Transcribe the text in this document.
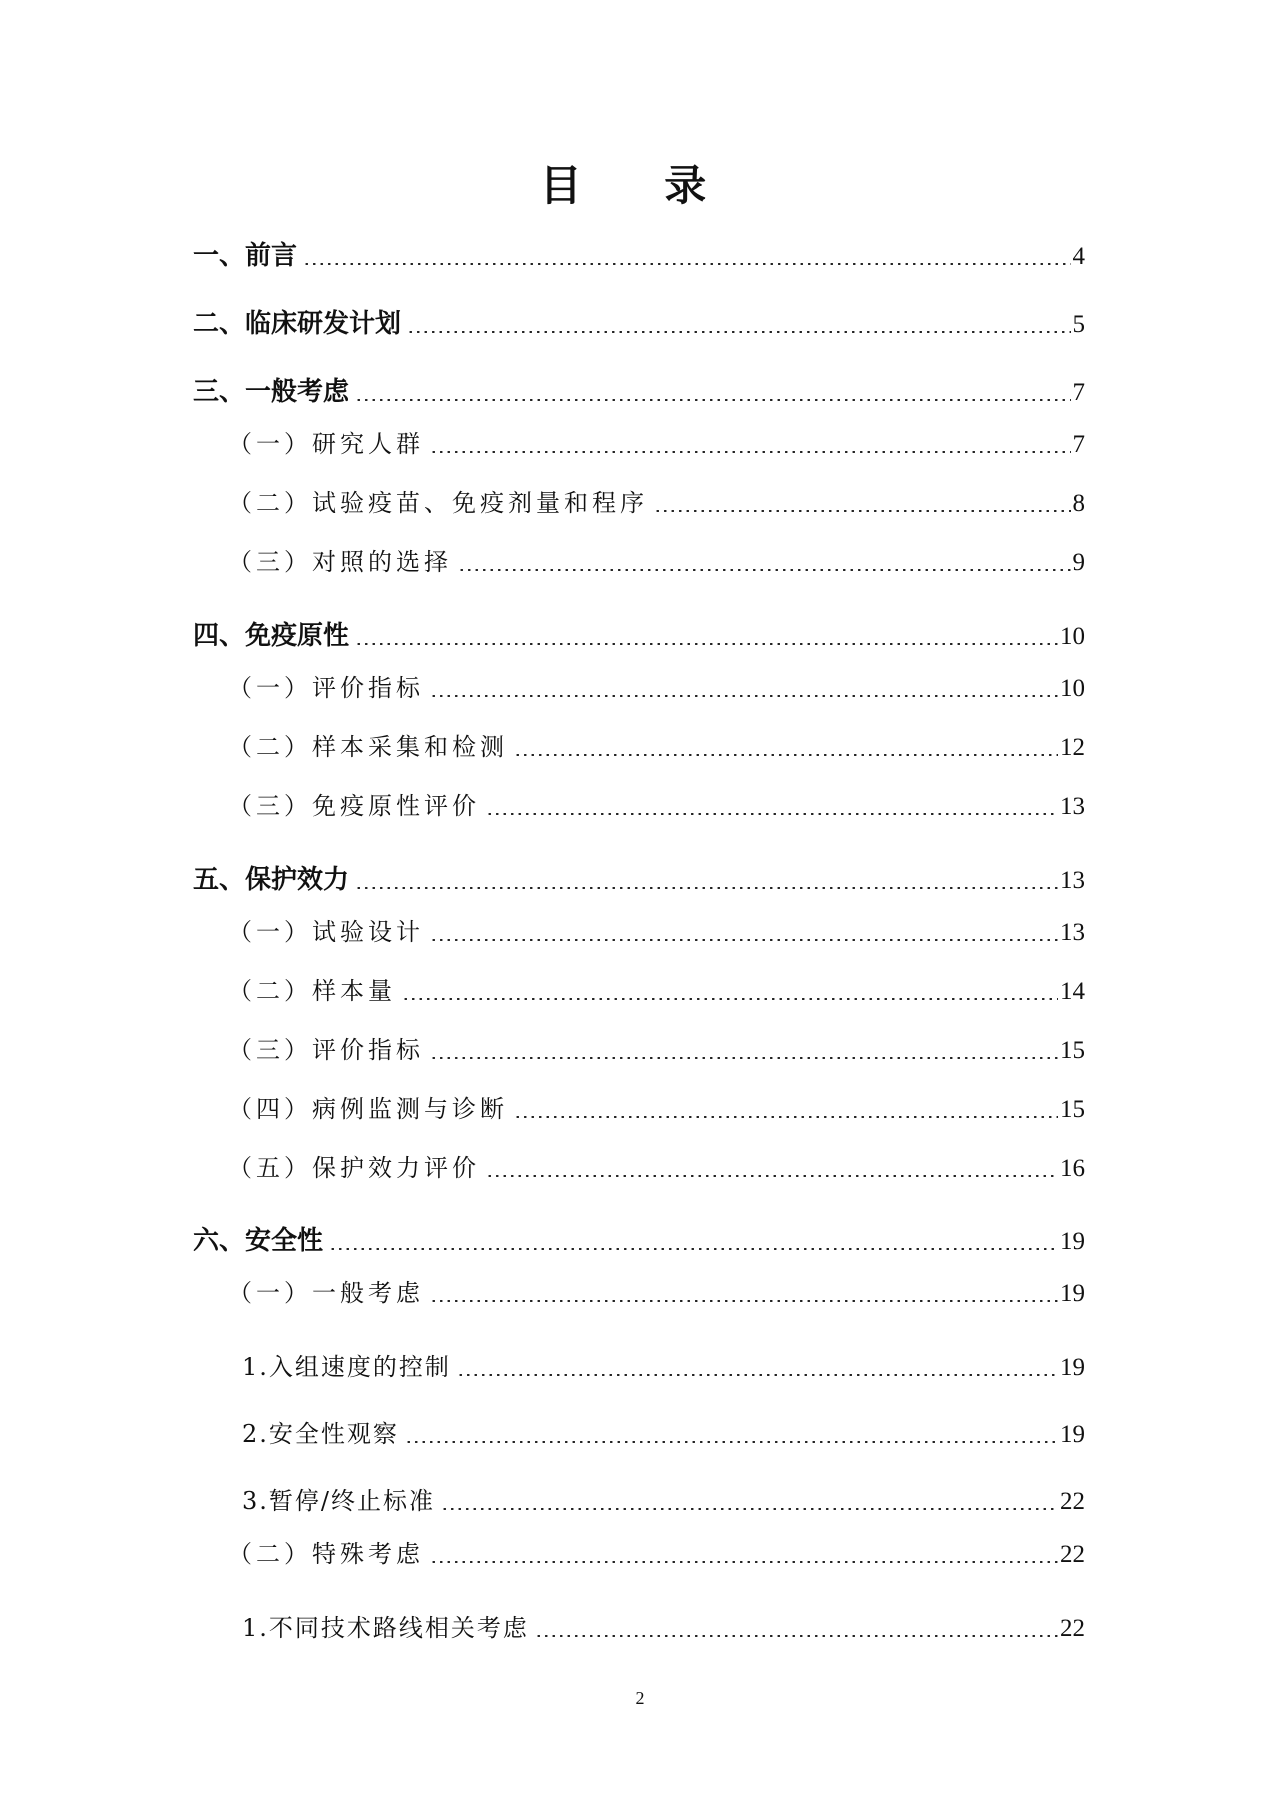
目 录
一、前言	4
二、临床研发计划	5
三、一般考虑	7
（一）研究人群	7
（二）试验疫苗、免疫剂量和程序	8
（三）对照的选择	9
四、免疫原性	10
（一）评价指标	10
（二）样本采集和检测	12
（三）免疫原性评价	13
五、保护效力	13
（一）试验设计	13
（二）样本量	14
（三）评价指标	15
（四）病例监测与诊断	15
（五）保护效力评价	16
六、安全性	19
（一）一般考虑	19
1.入组速度的控制	19
2.安全性观察	19
3.暂停/终止标准	22
（二）特殊考虑	22
1.不同技术路线相关考虑	22
2
